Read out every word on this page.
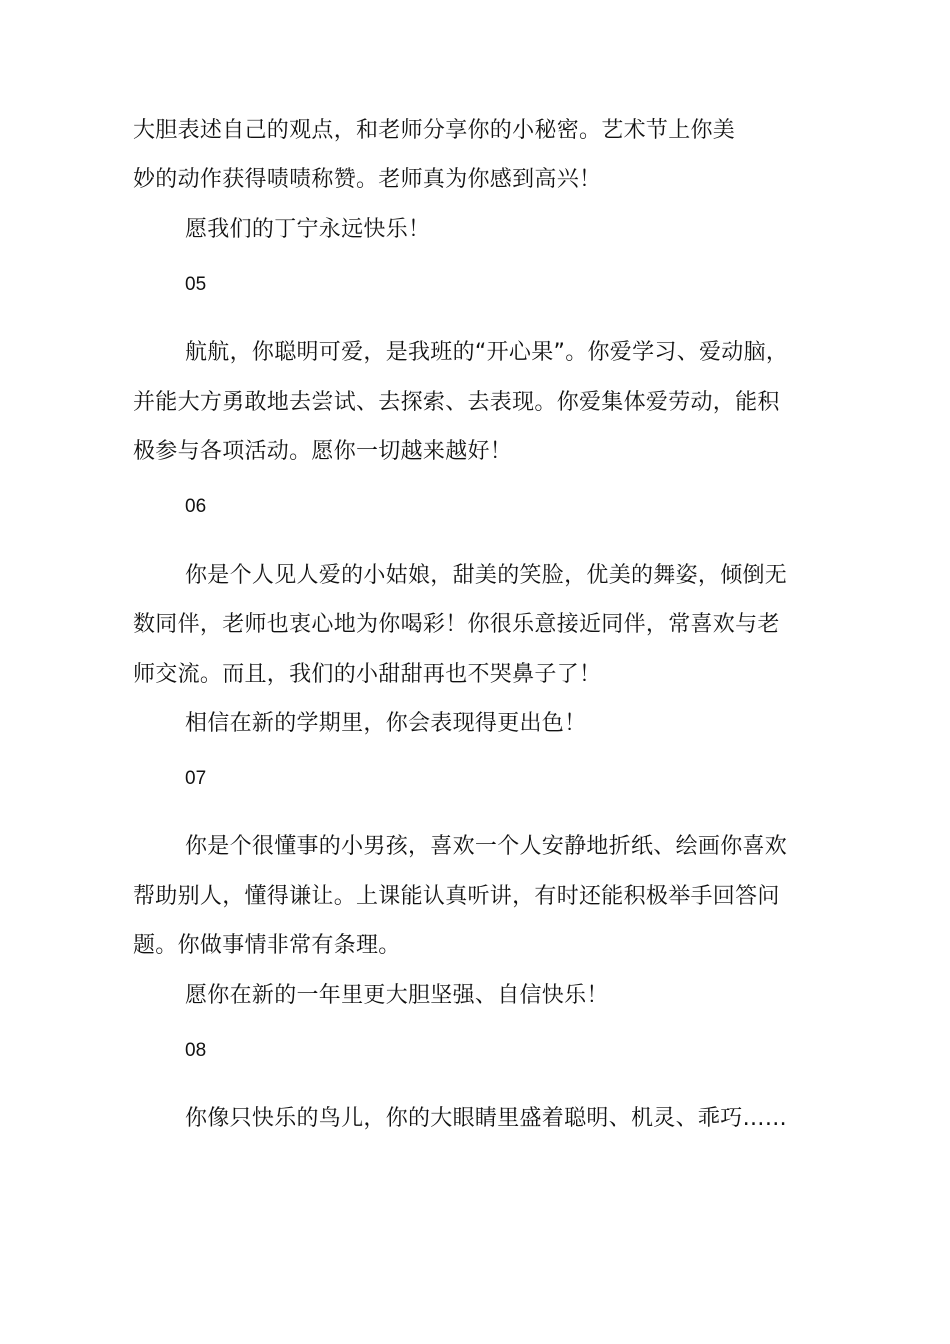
大胆表述自己的观点，和老师分享你的小秘密。艺术节上你美
妙的动作获得啧啧称赞。老师真为你感到高兴！
愿我们的丁宁永远快乐！
05
航航，你聪明可爱，是我班的“开心果”。你爱学习、爱动脑，
并能大方勇敢地去尝试、去探索、去表现。你爱集体爱劳动，能积
极参与各项活动。愿你一切越来越好！
06
你是个人见人爱的小姑娘，甜美的笑脸，优美的舞姿，倾倒无
数同伴，老师也衷心地为你喝彩！你很乐意接近同伴，常喜欢与老
师交流。而且，我们的小甜甜再也不哭鼻子了！
相信在新的学期里，你会表现得更出色！
07
你是个很懂事的小男孩，喜欢一个人安静地折纸、绘画你喜欢
帮助别人，懂得谦让。上课能认真听讲，有时还能积极举手回答问
题。你做事情非常有条理。
愿你在新的一年里更大胆坚强、自信快乐！
08
你像只快乐的鸟儿，你的大眼睛里盛着聪明、机灵、乖巧……
